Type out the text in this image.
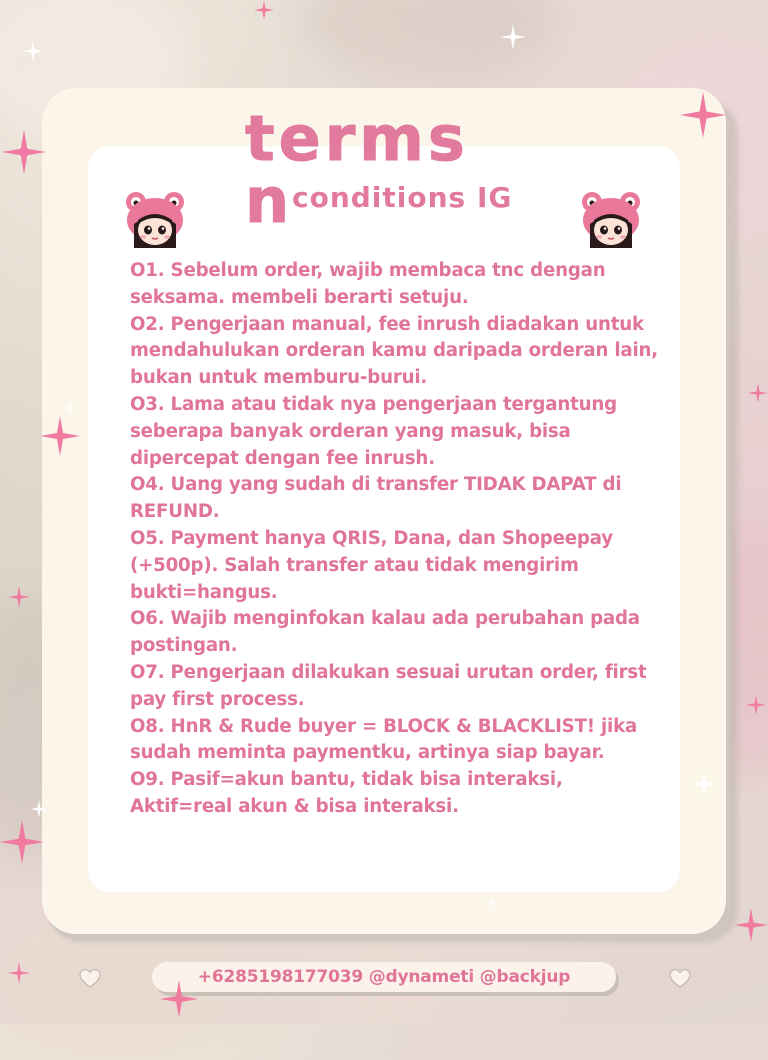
terms n
conditions IG

O1. Sebelum order, wajib membaca tnc dengan seksama. membeli berarti setuju.

O2. Pengerjaan manual, fee inrush diadakan untuk mendahulukan orderan kamu daripada orderan lain, bukan untuk memburu-burui.

O3. Lama atau tidak nya pengerjaan tergantung seberapa banyak orderan yang masuk, bisa dipercepat dengan fee inrush.

O4. Uang yang sudah di transfer TIDAK DAPAT di REFUND.

O5. Payment hanya QRIS, Dana, dan Shopeepay (+500p). Salah transfer atau tidak mengirim bukti=hangus.

O6. Wajib menginfokan kalau ada perubahan pada postingan.

O7. Pengerjaan dilakukan sesuai urutan order, first pay first process.

O8. HnR & Rude buyer = BLOCK & BLACKLIST! jika sudah meminta paymentku, artinya siap bayar.

O9. Pasif=akun bantu, tidak bisa interaksi, Aktif=real akun & bisa interaksi.

+6285198177039 @dynameti @backjup
